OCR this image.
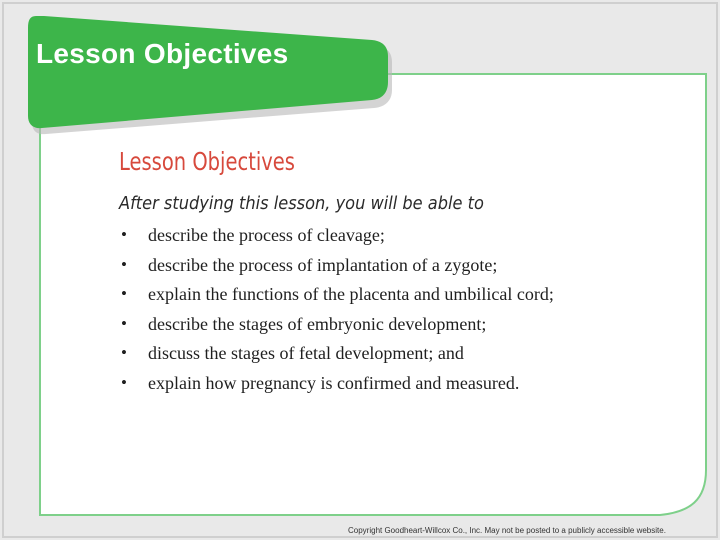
Lesson Objectives
Lesson Objectives

After studying this lesson, you will be able to

• describe the process of cleavage;
• describe the process of implantation of a zygote;
• explain the functions of the placenta and umbilical cord;
• describe the stages of embryonic development;
• discuss the stages of fetal development; and
• explain how pregnancy is confirmed and measured.

Copyright Goodheart-Willcox Co., Inc. May not be posted to a publicly accessible website.
